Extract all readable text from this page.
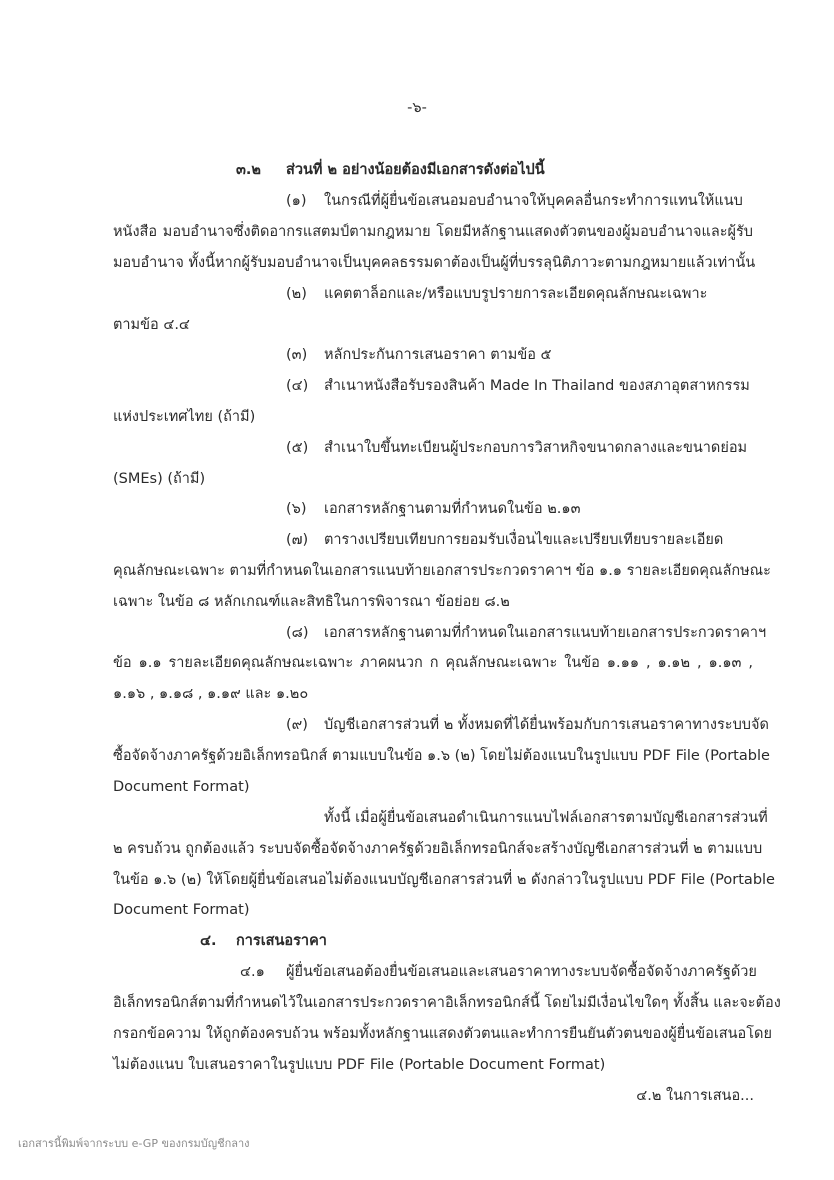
-๖-
๓.๒ ส่วนที่ ๒ อย่างน้อยต้องมีเอกสารดังต่อไปนี้
(๑) ในกรณีที่ผู้ยื่นข้อเสนอมอบอำนาจให้บุคคลอื่นกระทำการแทนให้แนบ
หนังสือ มอบอำนาจซึ่งติดอากรแสตมป์ตามกฎหมาย โดยมีหลักฐานแสดงตัวตนของผู้มอบอำนาจและผู้รับ
มอบอำนาจ ทั้งนี้หากผู้รับมอบอำนาจเป็นบุคคลธรรมดาต้องเป็นผู้ที่บรรลุนิติภาวะตามกฎหมายแล้วเท่านั้น
(๒) แคตตาล็อกและ/หรือแบบรูปรายการละเอียดคุณลักษณะเฉพาะ
ตามข้อ ๔.๔
(๓) หลักประกันการเสนอราคา ตามข้อ ๕
(๔) สำเนาหนังสือรับรองสินค้า Made In Thailand ของสภาอุตสาหกรรม
แห่งประเทศไทย (ถ้ามี)
(๕) สำเนาใบขึ้นทะเบียนผู้ประกอบการวิสาหกิจขนาดกลางและขนาดย่อม
(SMEs) (ถ้ามี)
(๖) เอกสารหลักฐานตามที่กำหนดในข้อ ๒.๑๓
(๗) ตารางเปรียบเทียบการยอมรับเงื่อนไขและเปรียบเทียบรายละเอียด
คุณลักษณะเฉพาะ ตามที่กำหนดในเอกสารแนบท้ายเอกสารประกวดราคาฯ ข้อ ๑.๑ รายละเอียดคุณลักษณะ
เฉพาะ ในข้อ ๘ หลักเกณฑ์และสิทธิในการพิจารณา ข้อย่อย ๘.๒
(๘) เอกสารหลักฐานตามที่กำหนดในเอกสารแนบท้ายเอกสารประกวดราคาฯ
ข้อ ๑.๑ รายละเอียดคุณลักษณะเฉพาะ ภาคผนวก ก คุณลักษณะเฉพาะ ในข้อ ๑.๑๑ , ๑.๑๒ , ๑.๑๓ ,
๑.๑๖ , ๑.๑๘ , ๑.๑๙ และ ๑.๒๐
(๙) บัญชีเอกสารส่วนที่ ๒ ทั้งหมดที่ได้ยื่นพร้อมกับการเสนอราคาทางระบบจัด
ซื้อจัดจ้างภาครัฐด้วยอิเล็กทรอนิกส์ ตามแบบในข้อ ๑.๖ (๒) โดยไม่ต้องแนบในรูปแบบ PDF File (Portable
Document Format)
ทั้งนี้ เมื่อผู้ยื่นข้อเสนอดำเนินการแนบไฟล์เอกสารตามบัญชีเอกสารส่วนที่
๒ ครบถ้วน ถูกต้องแล้ว ระบบจัดซื้อจัดจ้างภาครัฐด้วยอิเล็กทรอนิกส์จะสร้างบัญชีเอกสารส่วนที่ ๒ ตามแบบ
ในข้อ ๑.๖ (๒) ให้โดยผู้ยื่นข้อเสนอไม่ต้องแนบบัญชีเอกสารส่วนที่ ๒ ดังกล่าวในรูปแบบ PDF File (Portable
Document Format)
๔. การเสนอราคา
๔.๑ ผู้ยื่นข้อเสนอต้องยื่นข้อเสนอและเสนอราคาทางระบบจัดซื้อจัดจ้างภาครัฐด้วย
อิเล็กทรอนิกส์ตามที่กำหนดไว้ในเอกสารประกวดราคาอิเล็กทรอนิกส์นี้ โดยไม่มีเงื่อนไขใดๆ ทั้งสิ้น และจะต้อง
กรอกข้อความ ให้ถูกต้องครบถ้วน พร้อมทั้งหลักฐานแสดงตัวตนและทำการยืนยันตัวตนของผู้ยื่นข้อเสนอโดย
ไม่ต้องแนบ ใบเสนอราคาในรูปแบบ PDF File (Portable Document Format)
๔.๒ ในการเสนอ...
เอกสารนี้พิมพ์จากระบบ e-GP ของกรมบัญชีกลาง
